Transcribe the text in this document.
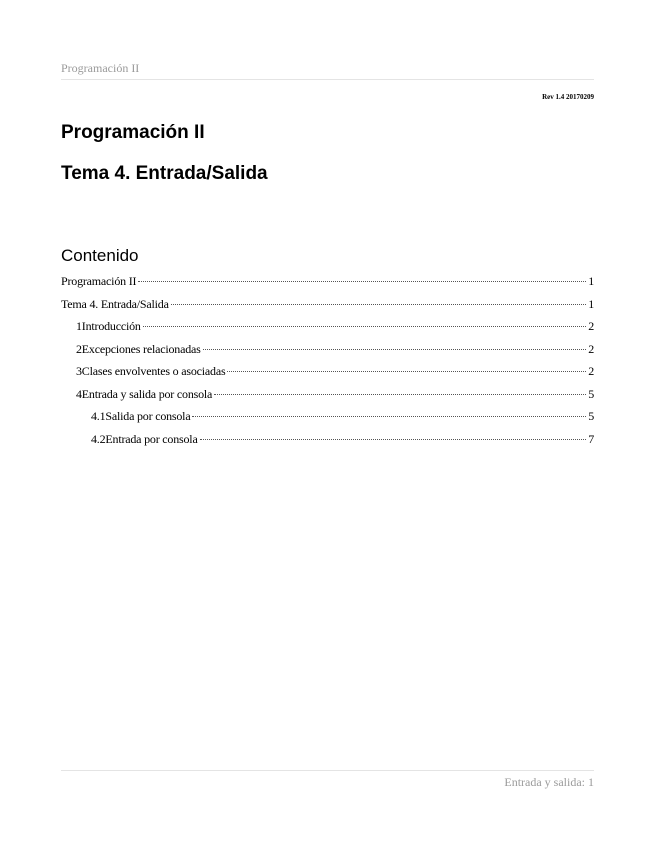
Programación II
Rev 1.4 20170209
Programación II
Tema 4. Entrada/Salida
Contenido
Programación II	1
Tema 4. Entrada/Salida	1
1Introducción	2
2Excepciones relacionadas	2
3Clases envolventes o asociadas	2
4Entrada y salida por consola	5
4.1Salida por consola	5
4.2Entrada por consola	7
Entrada y salida: 1
